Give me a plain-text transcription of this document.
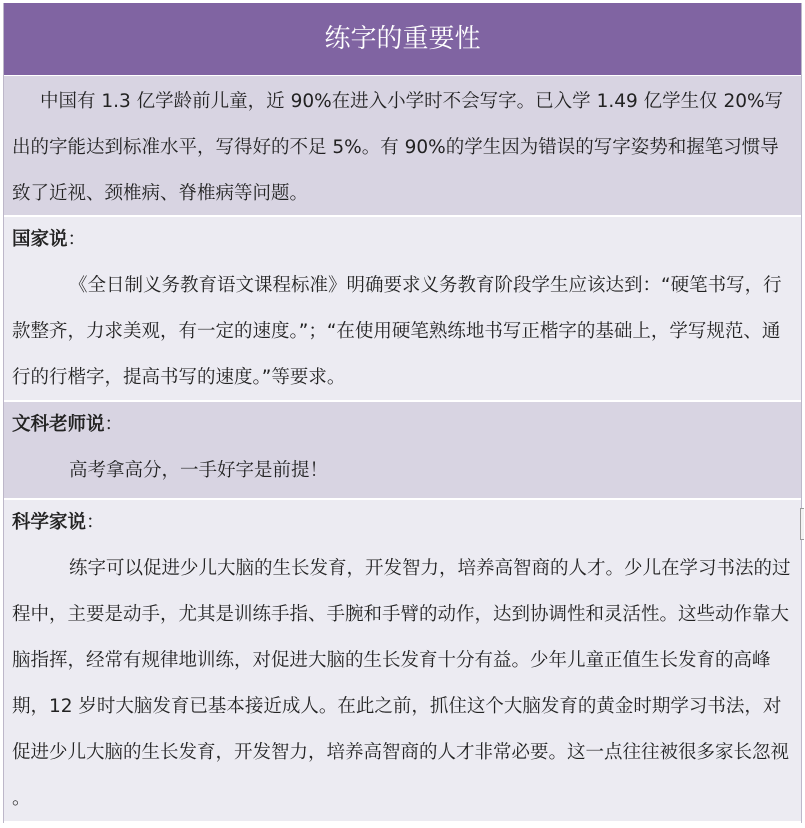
练字的重要性

中国有 1.3 亿学龄前儿童，近 90%在进入小学时不会写字。已入学 1.49 亿学生仅 20%写出的字能达到标准水平，写得好的不足 5%。有 90%的学生因为错误的写字姿势和握笔习惯导致了近视、颈椎病、脊椎病等问题。

国家说：

《全日制义务教育语文课程标准》明确要求义务教育阶段学生应该达到：“硬笔书写，行款整齐，力求美观，有一定的速度。”；“在使用硬笔熟练地书写正楷字的基础上，学写规范、通行的行楷字，提高书写的速度。”等要求。

文科老师说：

高考拿高分，一手好字是前提！

科学家说：

练字可以促进少儿大脑的生长发育，开发智力，培养高智商的人才。少儿在学习书法的过程中，主要是动手，尤其是训练手指、手腕和手臂的动作，达到协调性和灵活性。这些动作靠大脑指挥，经常有规律地训练，对促进大脑的生长发育十分有益。少年儿童正值生长发育的高峰期，12 岁时大脑发育已基本接近成人。在此之前，抓住这个大脑发育的黄金时期学习书法，对促进少儿大脑的生长发育，开发智力，培养高智商的人才非常必要。这一点往往被很多家长忽视 。
